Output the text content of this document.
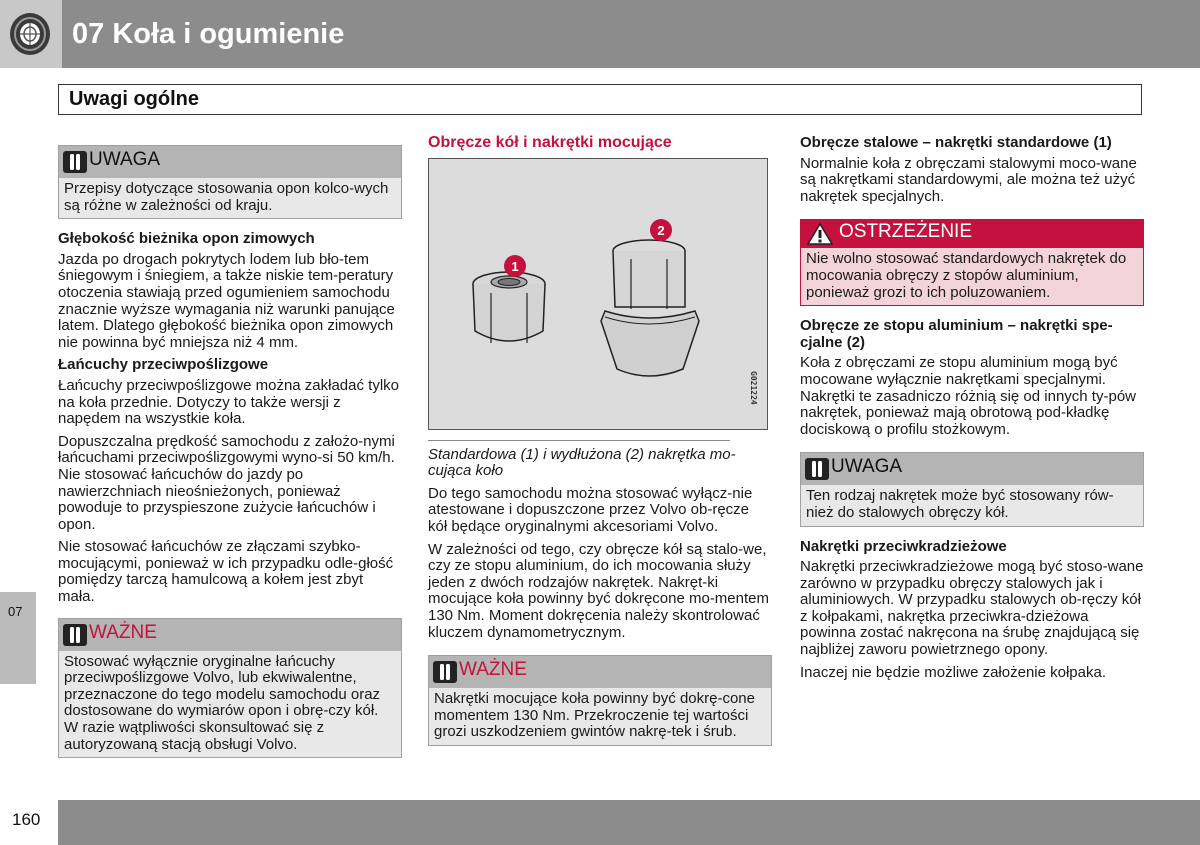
07 Koła i ogumienie
Uwagi ogólne
UWAGA
Przepisy dotyczące stosowania opon kolco-wych są różne w zależności od kraju.

Głębokość bieżnika opon zimowych

Jazda po drogach pokrytych lodem lub bło-tem śniegowym i śniegiem, a także niskie tem-peratury otoczenia stawiają przed ogumieniem samochodu znacznie wyższe wymagania niż warunki panujące latem. Dlatego głębokość bieżnika opon zimowych nie powinna być mniejsza niż 4 mm.

Łańcuchy przeciwpoślizgowe

Łańcuchy przeciwpoślizgowe można zakładać tylko na koła przednie. Dotyczy to także wersji z napędem na wszystkie koła.

Dopuszczalna prędkość samochodu z założo-nymi łańcuchami przeciwpoślizgowymi wyno-si 50 km/h. Nie stosować łańcuchów do jazdy po nawierzchniach nieośnieżonych, ponieważ powoduje to przyspieszone zużycie łańcuchów i opon.

Nie stosować łańcuchów ze złączami szybko-mocującymi, ponieważ w ich przypadku odle-głość pomiędzy tarczą hamulcową a kołem jest zbyt mała.

WAŻNE
Stosować wyłącznie oryginalne łańcuchy przeciwpoślizgowe Volvo, lub ekwiwalentne, przeznaczone do tego modelu samochodu oraz dostosowane do wymiarów opon i obrę-czy kół. W razie wątpliwości skonsultować się z autoryzowaną stacją obsługi Volvo.

Obręcze kół i nakrętki mocujące

1
2
G021224

Standardowa (1) i wydłużona (2) nakrętka mo-cująca koło

Do tego samochodu można stosować wyłącz-nie atestowane i dopuszczone przez Volvo ob-ręcze kół będące oryginalnymi akcesoriami Volvo.

W zależności od tego, czy obręcze kół są stalo-we, czy ze stopu aluminium, do ich mocowania służy jeden z dwóch rodzajów nakrętek. Nakręt-ki mocujące koła powinny być dokręcone mo-mentem 130 Nm. Moment dokręcenia należy skontrolować kluczem dynamometrycznym.

WAŻNE
Nakrętki mocujące koła powinny być dokrę-cone momentem 130 Nm. Przekroczenie tej wartości grozi uszkodzeniem gwintów nakrę-tek i śrub.

Obręcze stalowe – nakrętki standardowe (1)

Normalnie koła z obręczami stalowymi moco-wane są nakrętkami standardowymi, ale można też użyć nakrętek specjalnych.

OSTRZEŻENIE
Nie wolno stosować standardowych nakrętek do mocowania obręczy z stopów aluminium, ponieważ grozi to ich poluzowaniem.

Obręcze ze stopu aluminium – nakrętki spe-cjalne (2)

Koła z obręczami ze stopu aluminium mogą być mocowane wyłącznie nakrętkami specjalnymi. Nakrętki te zasadniczo różnią się od innych ty-pów nakrętek, ponieważ mają obrotową pod-kładkę dociskową o profilu stożkowym.

UWAGA
Ten rodzaj nakrętek może być stosowany rów-nież do stalowych obręczy kół.

Nakrętki przeciwkradzieżowe

Nakrętki przeciwkradzieżowe mogą być stoso-wane zarówno w przypadku obręczy stalowych jak i aluminiowych. W przypadku stalowych ob-ręczy kół z kołpakami, nakrętka przeciwkra-dzieżowa powinna zostać nakręcona na śrubę znajdującą się najbliżej zaworu powietrznego opony.

Inaczej nie będzie możliwe założenie kołpaka.

07
160
